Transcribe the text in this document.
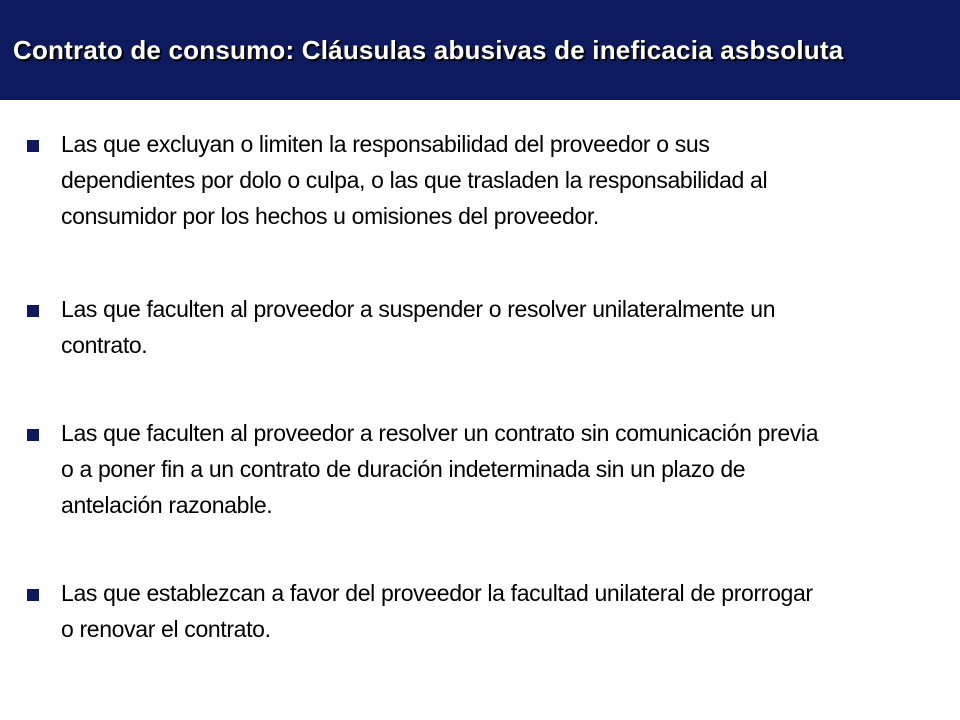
Contrato de consumo: Cláusulas abusivas de ineficacia asbsoluta

Las que excluyan o limiten la responsabilidad del proveedor o sus
dependientes por dolo o culpa, o las que trasladen la responsabilidad al
consumidor por los hechos u omisiones del proveedor.

Las que faculten al proveedor a suspender o resolver unilateralmente un
contrato.

Las que faculten al proveedor a resolver un contrato sin comunicación previa
o a poner fin a un contrato de duración indeterminada sin un plazo de
antelación razonable.

Las que establezcan a favor del proveedor la facultad unilateral de prorrogar
o renovar el contrato.
